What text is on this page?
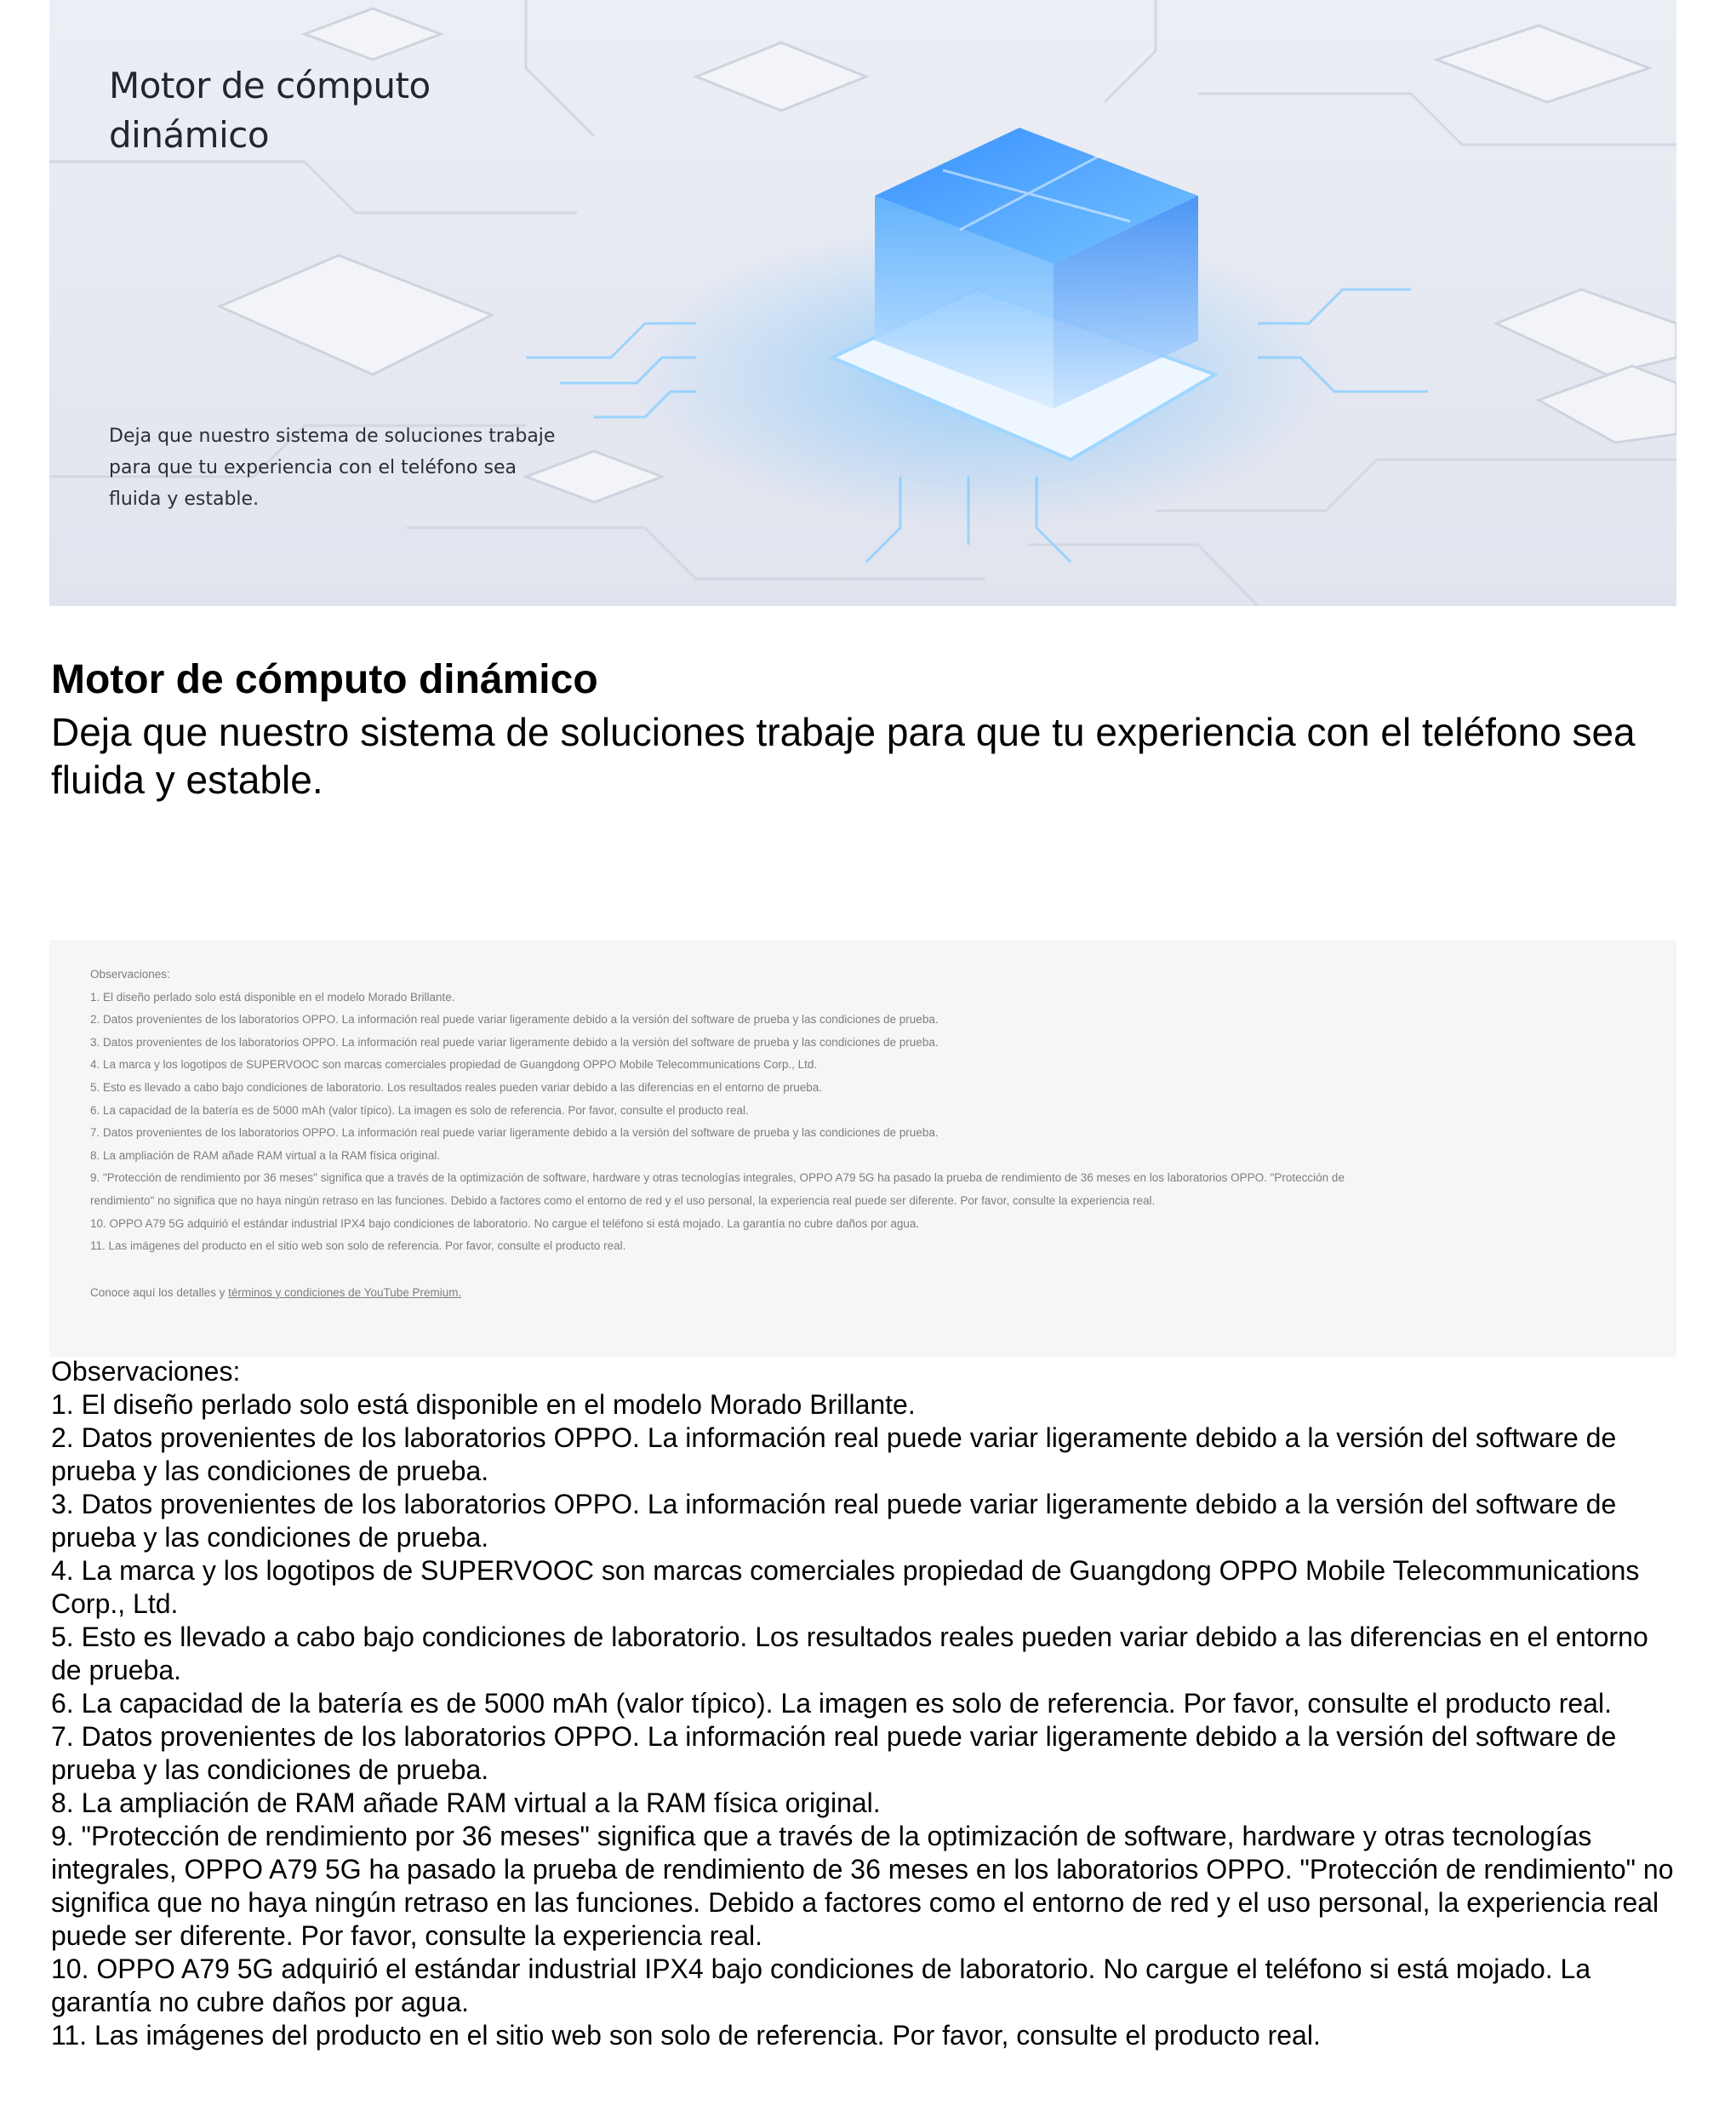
Motor de cómputo dinámico
Deja que nuestro sistema de soluciones trabaje para que tu experiencia con el teléfono sea fluida y estable.
Motor de cómputo dinámico
Deja que nuestro sistema de soluciones trabaje para que tu experiencia con el teléfono sea fluida y estable.
Observaciones:
1. El diseño perlado solo está disponible en el modelo Morado Brillante.
2. Datos provenientes de los laboratorios OPPO. La información real puede variar ligeramente debido a la versión del software de prueba y las condiciones de prueba.
3. Datos provenientes de los laboratorios OPPO. La información real puede variar ligeramente debido a la versión del software de prueba y las condiciones de prueba.
4. La marca y los logotipos de SUPERVOOC son marcas comerciales propiedad de Guangdong OPPO Mobile Telecommunications Corp., Ltd.
5. Esto es llevado a cabo bajo condiciones de laboratorio. Los resultados reales pueden variar debido a las diferencias en el entorno de prueba.
6. La capacidad de la batería es de 5000 mAh (valor típico). La imagen es solo de referencia. Por favor, consulte el producto real.
7. Datos provenientes de los laboratorios OPPO. La información real puede variar ligeramente debido a la versión del software de prueba y las condiciones de prueba.
8. La ampliación de RAM añade RAM virtual a la RAM física original.
9. "Protección de rendimiento por 36 meses" significa que a través de la optimización de software, hardware y otras tecnologías integrales, OPPO A79 5G ha pasado la prueba de rendimiento de 36 meses en los laboratorios OPPO. "Protección de
rendimiento" no significa que no haya ningún retraso en las funciones. Debido a factores como el entorno de red y el uso personal, la experiencia real puede ser diferente. Por favor, consulte la experiencia real.
10. OPPO A79 5G adquirió el estándar industrial IPX4 bajo condiciones de laboratorio. No cargue el teléfono si está mojado. La garantía no cubre daños por agua.
11. Las imágenes del producto en el sitio web son solo de referencia. Por favor, consulte el producto real.
Conoce aquí los detalles y términos y condiciones de YouTube Premium.
Observaciones:
1. El diseño perlado solo está disponible en el modelo Morado Brillante.
2. Datos provenientes de los laboratorios OPPO. La información real puede variar ligeramente debido a la versión del software de prueba y las condiciones de prueba.
3. Datos provenientes de los laboratorios OPPO. La información real puede variar ligeramente debido a la versión del software de prueba y las condiciones de prueba.
4. La marca y los logotipos de SUPERVOOC son marcas comerciales propiedad de Guangdong OPPO Mobile Telecommunications Corp., Ltd.
5. Esto es llevado a cabo bajo condiciones de laboratorio. Los resultados reales pueden variar debido a las diferencias en el entorno de prueba.
6. La capacidad de la batería es de 5000 mAh (valor típico). La imagen es solo de referencia. Por favor, consulte el producto real.
7. Datos provenientes de los laboratorios OPPO. La información real puede variar ligeramente debido a la versión del software de prueba y las condiciones de prueba.
8. La ampliación de RAM añade RAM virtual a la RAM física original.
9. "Protección de rendimiento por 36 meses" significa que a través de la optimización de software, hardware y otras tecnologías integrales, OPPO A79 5G ha pasado la prueba de rendimiento de 36 meses en los laboratorios OPPO. "Protección de rendimiento" no significa que no haya ningún retraso en las funciones. Debido a factores como el entorno de red y el uso personal, la experiencia real puede ser diferente. Por favor, consulte la experiencia real.
10. OPPO A79 5G adquirió el estándar industrial IPX4 bajo condiciones de laboratorio. No cargue el teléfono si está mojado. La garantía no cubre daños por agua.
11. Las imágenes del producto en el sitio web son solo de referencia. Por favor, consulte el producto real.
